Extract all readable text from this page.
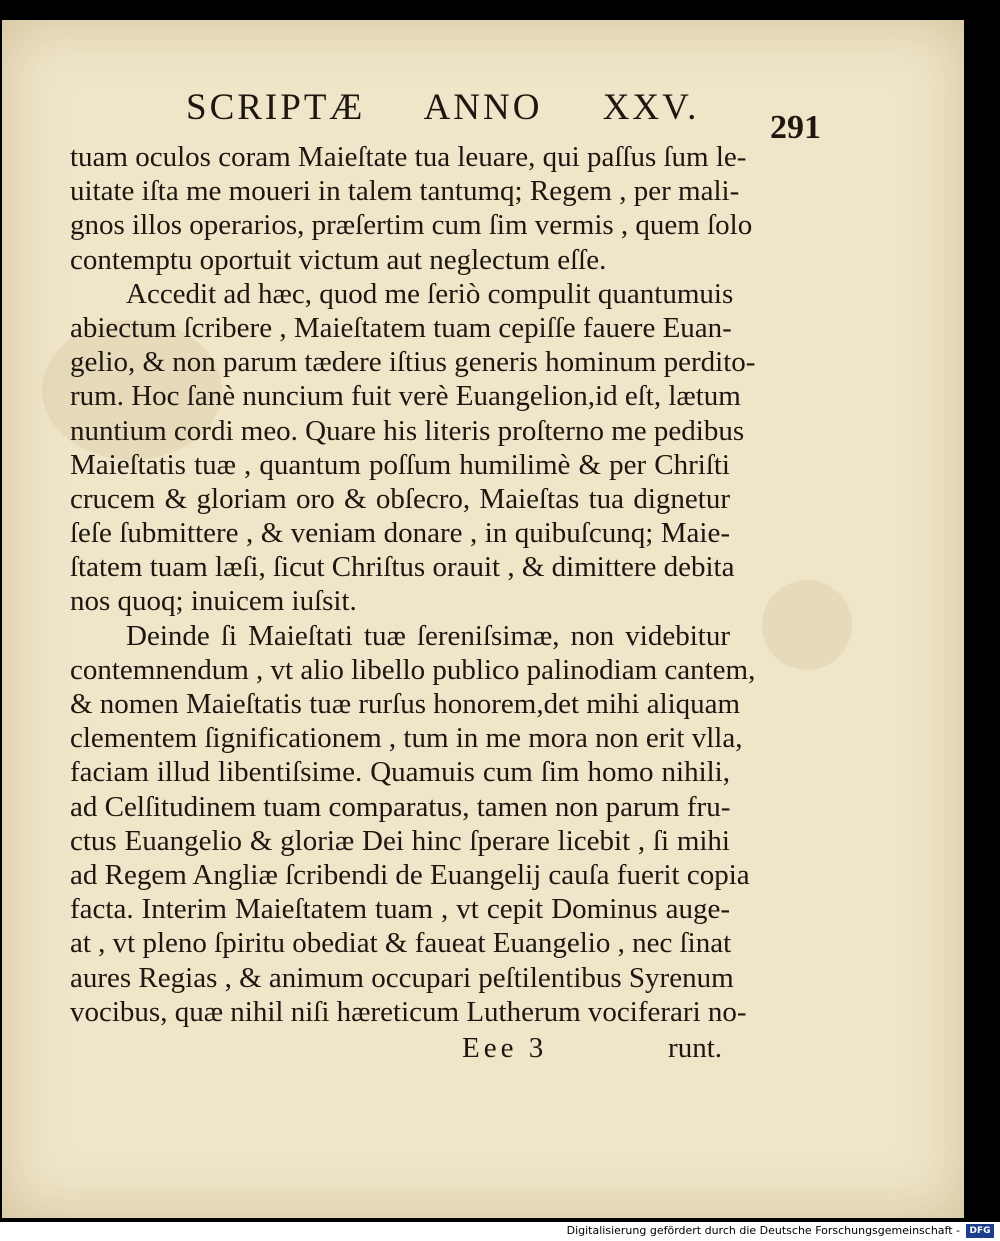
SCRIPTÆ ANNO XXV. 291
tuam oculos coram Maieſtate tua leuare, qui paſſus ſum le-
uitate iſta me moueri in talem tantumq; Regem , per mali-
gnos illos operarios, præſertim cum ſim vermis , quem ſolo
contemptu oportuit victum aut neglectum eſſe.
Accedit ad hæc, quod me ſeriò compulit quantumuis
abiectum ſcribere , Maieſtatem tuam cepiſſe fauere Euan-
gelio, & non parum tædere iſtius generis hominum perdito-
rum. Hoc ſanè nuncium fuit verè Euangelion,id eſt, lætum
nuntium cordi meo. Quare his literis proſterno me pedibus
Maieſtatis tuæ , quantum poſſum humilimè & per Chriſti
crucem & gloriam oro & obſecro, Maieſtas tua dignetur
ſeſe ſubmittere , & veniam donare , in quibuſcunq; Maie-
ſtatem tuam læſi, ſicut Chriſtus orauit , & dimittere debita
nos quoq; inuicem iuſsit.
Deinde ſi Maieſtati tuæ ſereniſsimæ, non videbitur
contemnendum , vt alio libello publico palinodiam cantem,
& nomen Maieſtatis tuæ rurſus honorem,det mihi aliquam
clementem ſignificationem , tum in me mora non erit vlla,
faciam illud libentiſsime. Quamuis cum ſim homo nihili,
ad Celſitudinem tuam comparatus, tamen non parum fru-
ctus Euangelio & gloriæ Dei hinc ſperare licebit , ſi mihi
ad Regem Angliæ ſcribendi de Euangelij cauſa fuerit copia
facta. Interim Maieſtatem tuam , vt cepit Dominus auge-
at , vt pleno ſpiritu obediat & faueat Euangelio , nec ſinat
aures Regias , & animum occupari peſtilentibus Syrenum
vocibus, quæ nihil niſi hæreticum Lutherum vociferari no-
Eee 3	runt.
Digitalisierung gefördert durch die Deutsche Forschungsgemeinschaft -	DFG
